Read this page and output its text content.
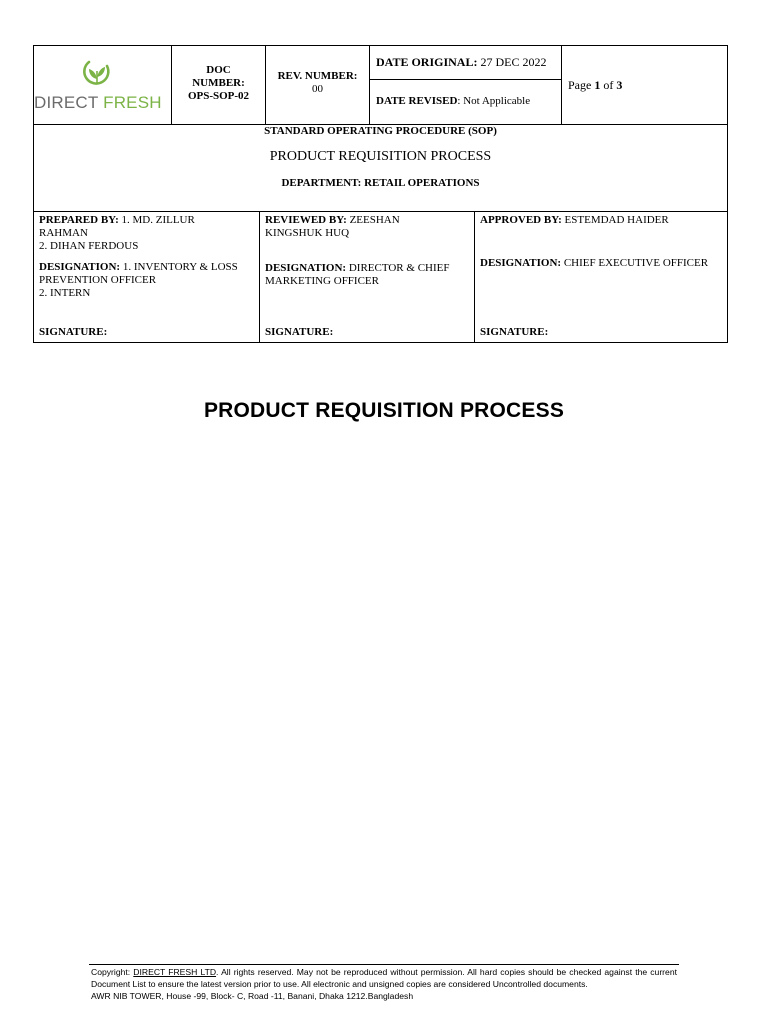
DIRECT FRESH
DOC NUMBER:
OPS-SOP-02
REV. NUMBER:
00
DATE ORIGINAL: 27 DEC 2022
DATE REVISED: Not Applicable
Page 1 of 3
STANDARD OPERATING PROCEDURE (SOP)
PRODUCT REQUISITION PROCESS
DEPARTMENT: RETAIL OPERATIONS
PREPARED BY: 1. MD. ZILLUR
RAHMAN
2. DIHAN FERDOUS
DESIGNATION: 1. INVENTORY & LOSS
PREVENTION OFFICER
2. INTERN
SIGNATURE:
REVIEWED BY: ZEESHAN
KINGSHUK HUQ
DESIGNATION: DIRECTOR & CHIEF
MARKETING OFFICER
SIGNATURE:
APPROVED BY: ESTEMDAD HAIDER
DESIGNATION: CHIEF EXECUTIVE OFFICER
SIGNATURE:
PRODUCT REQUISITION PROCESS
Copyright: DIRECT FRESH LTD. All rights reserved. May not be reproduced without permission. All hard copies should be checked against the current Document List to ensure the latest version prior to use. All electronic and unsigned copies are considered Uncontrolled documents.
AWR NIB TOWER, House -99, Block- C, Road -11, Banani, Dhaka 1212.Bangladesh
